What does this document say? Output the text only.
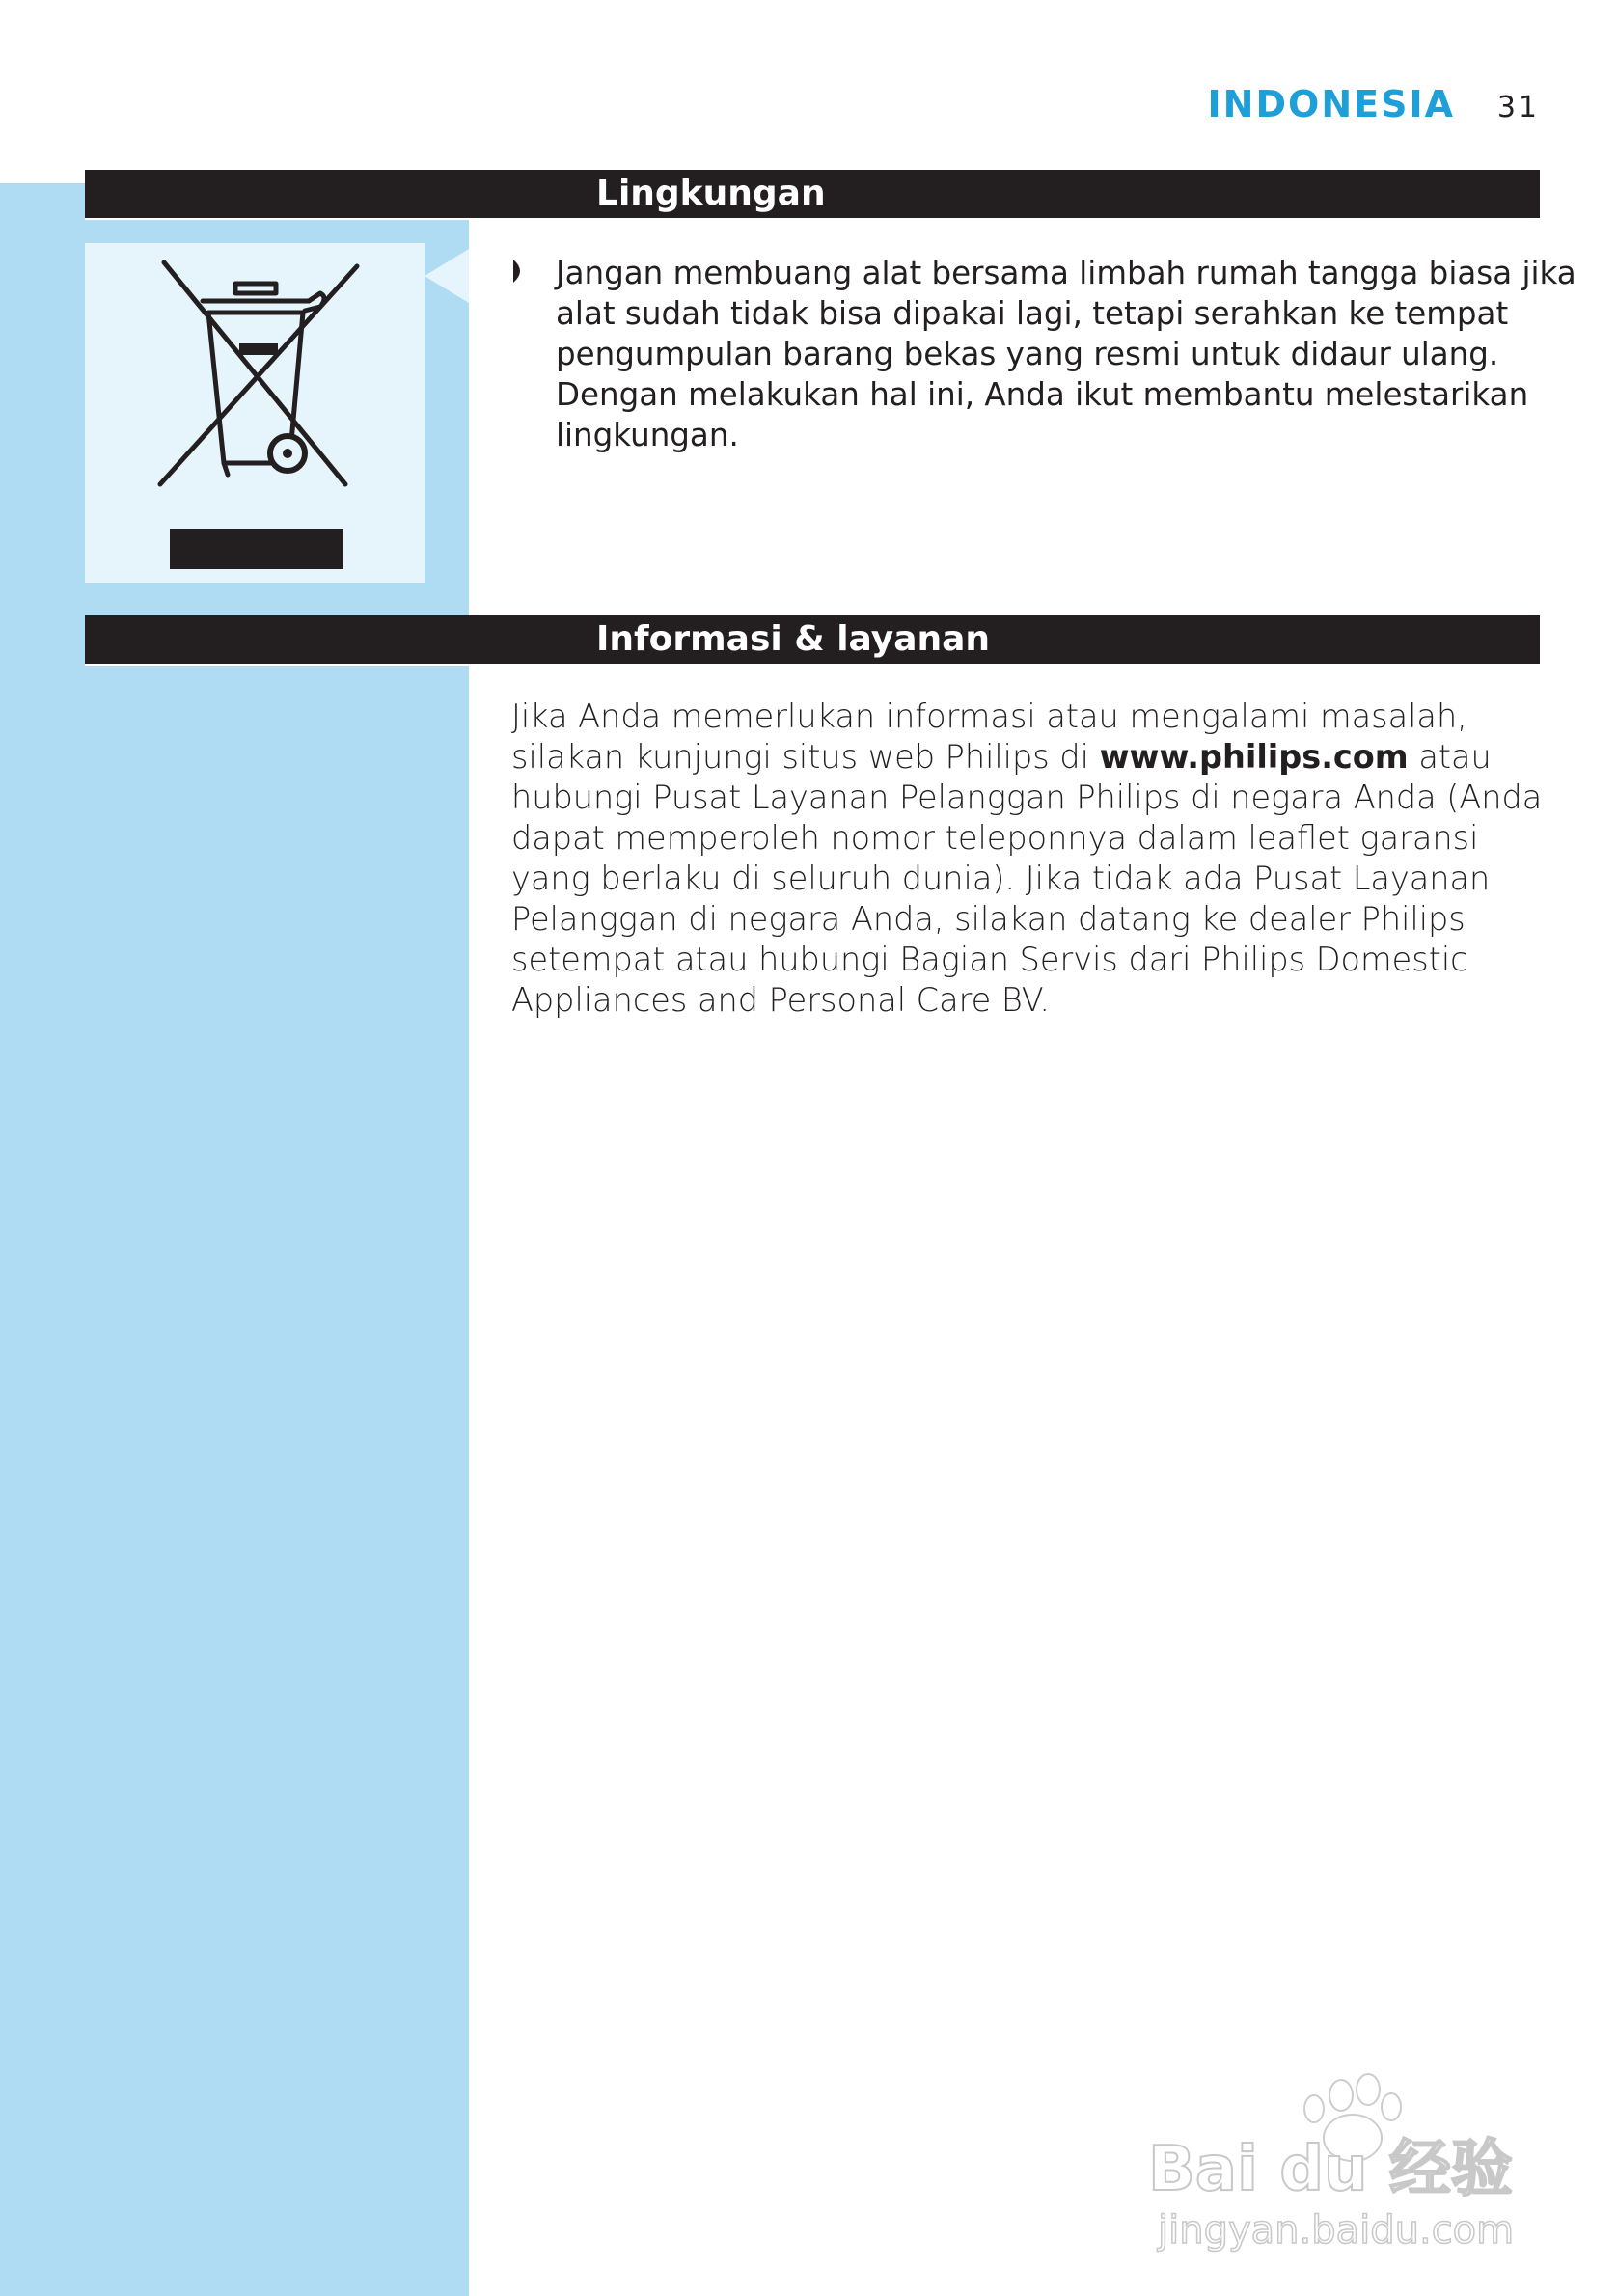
INDONESIA 31
Lingkungan
Jangan membuang alat bersama limbah rumah tangga biasa jika alat sudah tidak bisa dipakai lagi, tetapi serahkan ke tempat pengumpulan barang bekas yang resmi untuk didaur ulang. Dengan melakukan hal ini, Anda ikut membantu melestarikan lingkungan.
Informasi & layanan
Jika Anda memerlukan informasi atau mengalami masalah, silakan kunjungi situs web Philips di www.philips.com atau hubungi Pusat Layanan Pelanggan Philips di negara Anda (Anda dapat memperoleh nomor teleponnya dalam leaflet garansi yang berlaku di seluruh dunia). Jika tidak ada Pusat Layanan Pelanggan di negara Anda, silakan datang ke dealer Philips setempat atau hubungi Bagian Servis dari Philips Domestic Appliances and Personal Care BV.
Bai du 经验
jingyan.baidu.com
